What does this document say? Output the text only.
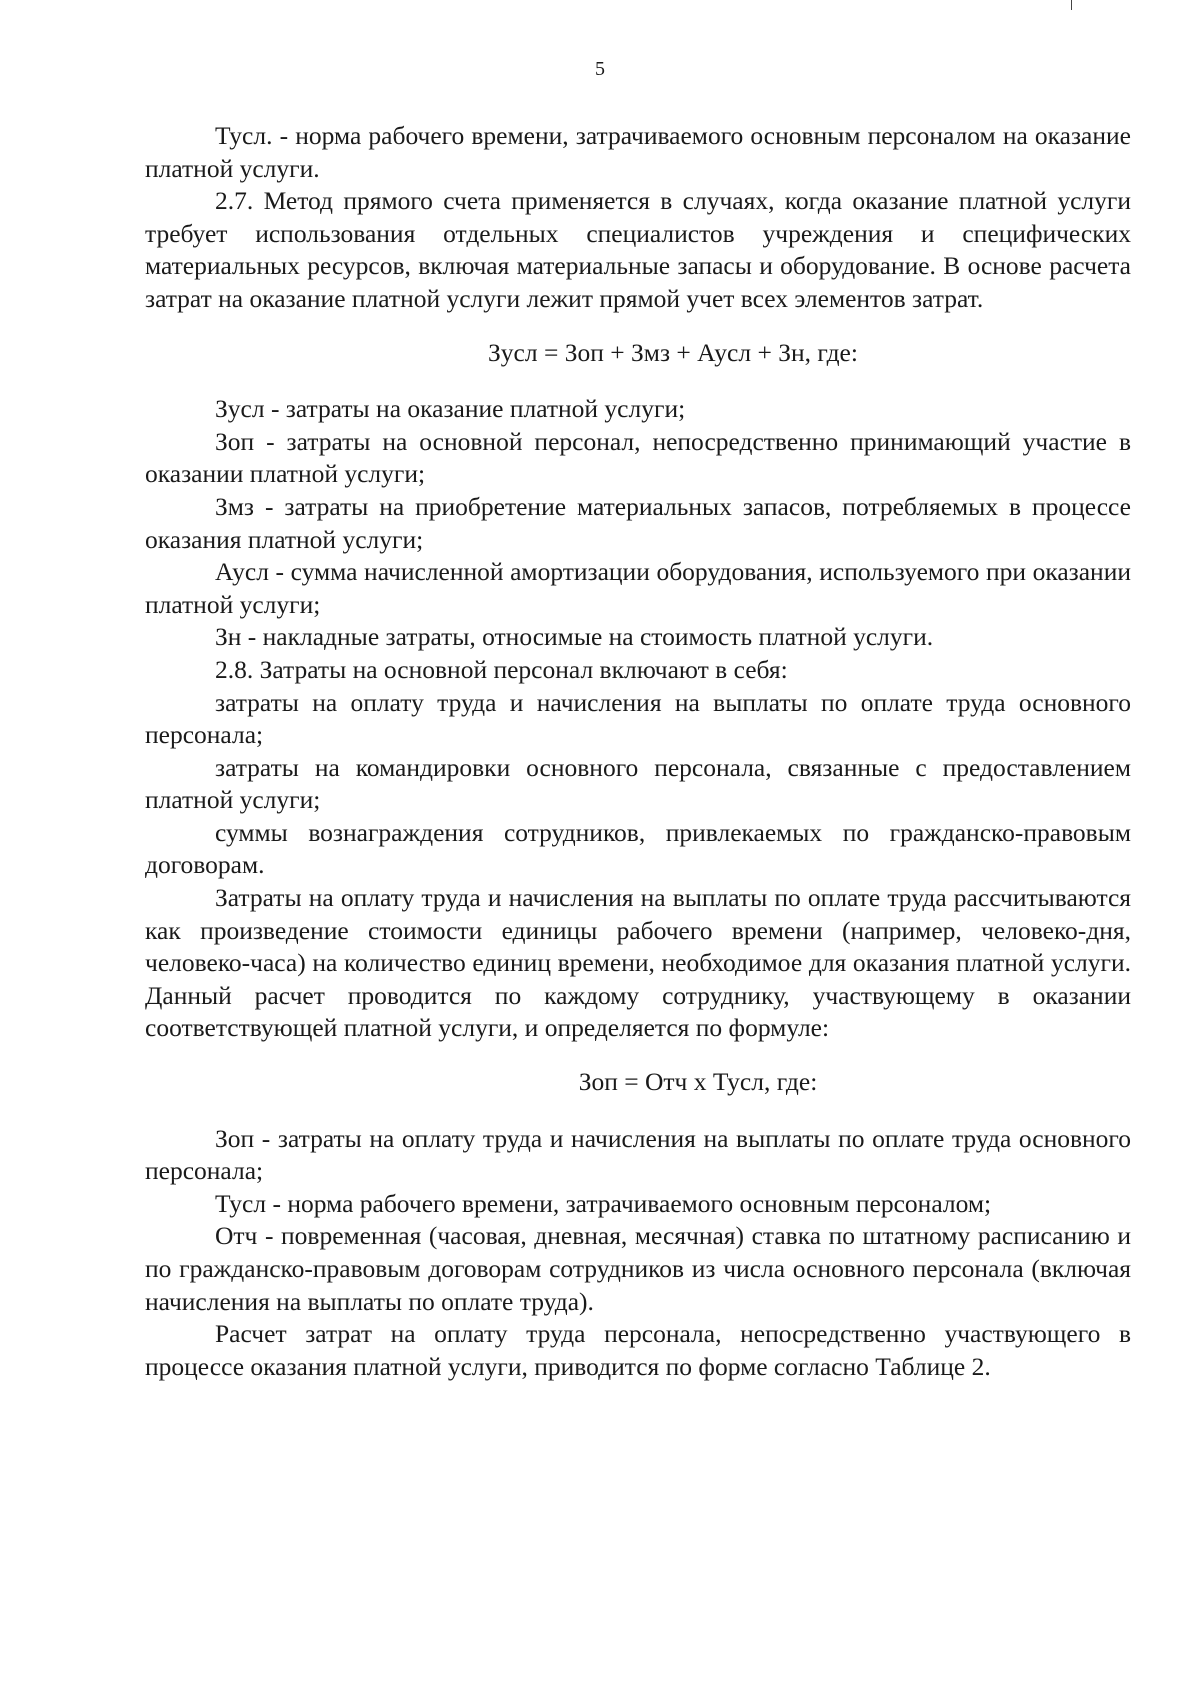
5

Тусл. - норма рабочего времени, затрачиваемого основным персоналом на оказание платной услуги.

2.7. Метод прямого счета применяется в случаях, когда оказание платной услуги требует использования отдельных специалистов учреждения и специфических материальных ресурсов, включая материальные запасы и оборудование. В основе расчета затрат на оказание платной услуги лежит прямой учет всех элементов затрат.

Зусл = Зоп + Змз + Аусл + Зн, где:

Зусл - затраты на оказание платной услуги;

Зоп - затраты на основной персонал, непосредственно принимающий участие в оказании платной услуги;

Змз - затраты на приобретение материальных запасов, потребляемых в процессе оказания платной услуги;

Аусл - сумма начисленной амортизации оборудования, используемого при оказании платной услуги;

Зн - накладные затраты, относимые на стоимость платной услуги.

2.8. Затраты на основной персонал включают в себя:

затраты на оплату труда и начисления на выплаты по оплате труда основного персонала;

затраты на командировки основного персонала, связанные с предоставлением платной услуги;

суммы вознаграждения сотрудников, привлекаемых по гражданско-правовым договорам.

Затраты на оплату труда и начисления на выплаты по оплате труда рассчитываются как произведение стоимости единицы рабочего времени (например, человеко-дня, человеко-часа) на количество единиц времени, необходимое для оказания платной услуги. Данный расчет проводится по каждому сотруднику, участвующему в оказании соответствующей платной услуги, и определяется по формуле:

Зоп = Отч х Тусл, где:

Зоп - затраты на оплату труда и начисления на выплаты по оплате труда основного персонала;

Тусл - норма рабочего времени, затрачиваемого основным персоналом;

Отч - повременная (часовая, дневная, месячная) ставка по штатному расписанию и по гражданско-правовым договорам сотрудников из числа основного персонала (включая начисления на выплаты по оплате труда).

Расчет затрат на оплату труда персонала, непосредственно участвующего в процессе оказания платной услуги, приводится по форме согласно Таблице 2.
